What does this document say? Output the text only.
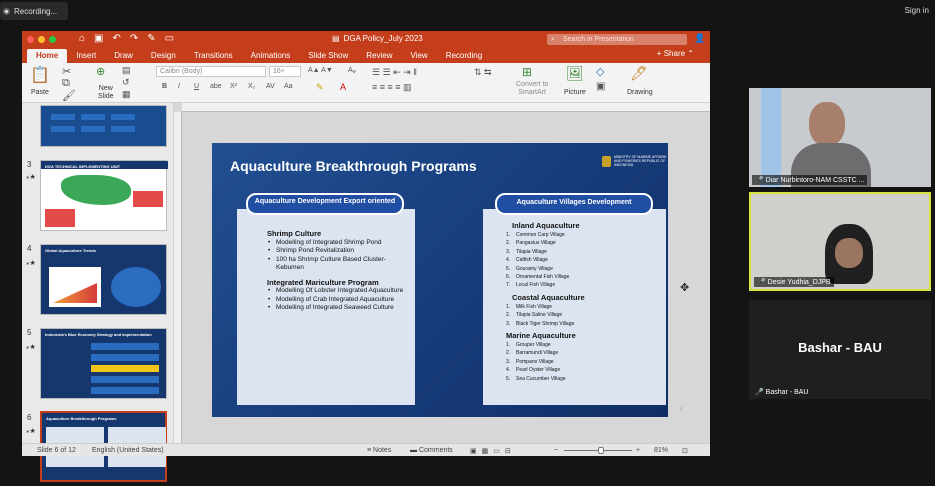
Recording...	Sign in
⌂ ▣ ↶ ↷ ✎ ▭	▤ DGA Policy_July 2023	⌕ Search in Presentation	👤
Home	Insert	Draw	Design	Transitions	Animations	Slide Show	Review	View	Recording	+ Share ⌃
📋
Paste
✂
⧉
🖌
⊕
New
Slide
▤
↺
▦
Calibri (Body)	16+	A▲ A▼ Aᵩ
B I U abe X² X₂ AV Aa	✎ A
☰ ☰ ⇤ ⇥ ‖
≡ ≡ ≡ ≡ ▥
⇅ ⇆	⊞
Convert to
SmartArt
🖼
Picture
◇
▣
🖊
Drawing
3
⁎★
DGA TECHNICAL IMPLEMENTING UNIT
4
⁎★
Global Aquaculture Trends
5
⁎★
Indonesia's Blue Economy Strategy and Implementation
6
⁎★
Aquaculture Breakthrough Programs
Aquaculture Breakthrough Programs
MINISTRY OF MARINE AFFAIRS AND FISHERIES REPUBLIC OF INDONESIA
Aquaculture Development Export oriented
Shrimp Culture
• Modelling of Integrated Shrimp Pond
• Shrimp Pond Revitalization
• 100 ha Shrimp Culture Based Cluster- Kebumen
Integrated Mariculture Program
• Modelling Of Lobster Integrated Aquaculture
• Modelling of Crab Integrated Aquaculture
• Modelling of Integrated Seaweed Culture
Aquaculture Villages Development
Inland Aquaculture
1. Common Carp Village
2. Pangasius Village
3. Tilapia Village
4. Catfish Village
5. Gouramy Village
6. Ornamental Fish Village
7. Local Fish Village
Coastal Aquaculture
1. Milk Fish Village
2. Tilapia Saline Village
3. Black Tiger Shrimp Village
Marine Aquaculture
1. Grouper Village
2. Barramundi Village
3. Pompano Village
4. Pearl Oyster Village
5. Sea Cucumber Village
6
✥
Slide 6 of 12 English (United States)	≡ Notes	▬ Comments ▣▦▭⊟	−	+ 81% ⊡
🎤 Diar Nurbintoro-NAM CSSTC ...
🎤 Desie Yudhia_DJPB
Bashar - BAU
🎤 Bashar - BAU
